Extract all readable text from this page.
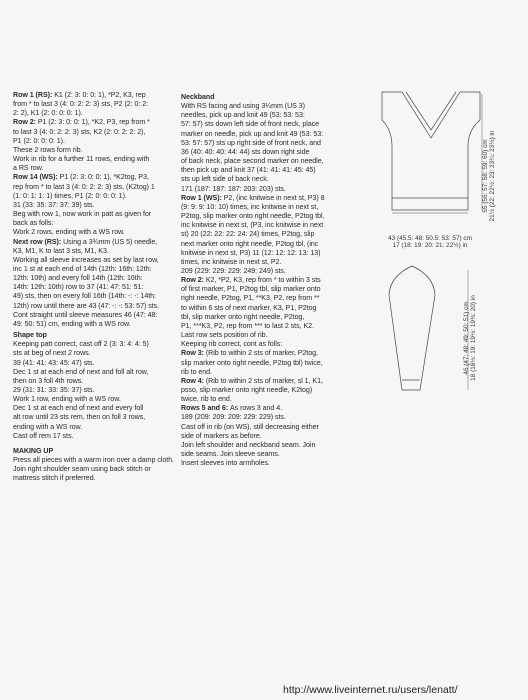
Row 1 (RS): K1 (2: 3: 0: 0: 1), *P2, K3, rep
from * to last 3 (4: 0: 2: 2: 3) sts, P2 (2: 0: 2:
2: 2), K1 (2: 0: 0: 0: 1).
Row 2: P1 (2: 3: 0: 0: 1), *K2, P3, rep from *
to last 3 (4: 0: 2: 2: 3) sts, K2 (2: 0: 2: 2: 2),
P1 (2: 0: 0: 0: 1).
These 2 rows form rib.
Work in rib for a further 11 rows, ending with
a RS row.
Row 14 (WS): P1 (2: 3: 0: 0: 1), *K2tog, P3,
rep from * to last 3 (4: 0: 2: 2: 3) sts, (K2tog) 1
(1: 0: 1: 1: 1) times, P1 (2: 0: 0: 0: 1).
31 (33: 35: 37: 37: 39) sts.
Beg with row 1, now work in patt as given for
back as folls:
Work 2 rows, ending with a WS row.
Next row (RS): Using a 3¾mm (US 5) needle,
K3, M1, K to last 3 sts, M1, K3.
Working all sleeve increases as set by last row,
inc 1 st at each end of 14th (12th: 16th: 12th:
12th: 10th) and every foll 14th (12th: 16th:
14th: 12th: 10th) row to 37 (41: 47: 51: 51:
49) sts, then on every foll 16th (14th: -: -: 14th:
12th) row until there are 43 (47: -: -: 53: 57) sts.
Cont straight until sleeve measures 46 (47: 48:
49: 50: 51) cm, ending with a WS row.
Shape top
Keeping patt correct, cast off 2 (3: 3: 4: 4: 5)
sts at beg of next 2 rows.
39 (41: 41: 43: 45: 47) sts.
Dec 1 st at each end of next and foll alt row,
then on 3 foll 4th rows.
29 (31: 31: 33: 35: 37) sts.
Work 1 row, ending with a WS row.
Dec 1 st at each end of next and every foll
alt row until 23 sts rem, then on foll 3 rows,
ending with a WS row.
Cast off rem 17 sts.
MAKING UP
Press all pieces with a warm iron over a damp cloth.
Join right shoulder seam using back stitch or
mattress stitch if preferred.
Neckband
With RS facing and using 3¼mm (US 3)
needles, pick up and knit 49 (53: 53: 53:
57: 57) sts down left side of front neck, place
marker on needle, pick up and knit 49 (53: 53:
53: 57: 57) sts up right side of front neck, and
36 (40: 40: 40: 44: 44) sts down right side
of back neck, place second marker on needle,
then pick up and knit 37 (41: 41: 41: 45: 45)
sts up left side of back neck.
171 (187: 187: 187: 203: 203) sts.
Row 1 (WS): P2, (inc knitwise in next st, P3) 8
(9: 9: 9: 10: 10) times, inc knitwise in next st,
P2tog, slip marker onto right needle, P2tog tbl,
inc knitwise in next st, (P3, inc knitwise in next
st) 20 (22: 22: 22: 24: 24) times, P2tog, slip
next marker onto right needle, P2tog tbl, (inc
knitwise in next st, P3) 11 (12: 12: 12: 13: 13)
times, inc knitwise in next st, P2.
209 (229: 229: 229: 249: 249) sts.
Row 2: K2, *P2, K3, rep from * to within 3 sts
of first marker, P1, P2tog tbl, slip marker onto
right needle, P2tog, P1, **K3, P2, rep from **
to within 6 sts of next marker, K3, P1, P2tog
tbl, slip marker onto right needle, P2tog,
P1, ***K3, P2, rep from *** to last 2 sts, K2.
Last row sets position of rib.
Keeping rib correct, cont as folls:
Row 3: (Rib to within 2 sts of marker, P2tog,
slip marker onto right needle, P2tog tbl) twice,
rib to end.
Row 4: (Rib to within 2 sts of marker, sl 1, K1,
psso, slip marker onto right needle, K2tog)
twice, rib to end.
Rows 5 and 6: As rows 3 and 4.
189 (209: 209: 209: 229: 229) sts.
Cast off in rib (on WS), still decreasing either
side of markers as before.
Join left shoulder and neckband seam. Join
side seams. Join sleeve seams.
Insert sleeves into armholes.
43 (45.5: 48: 50.5: 53: 57) cm
17 (18: 19: 20: 21: 22½) in
55 (56: 57: 58: 59: 60) cm 21½ (22: 22½: 23: 23¼: 23½) in
46 (47: 48: 49: 50: 51) cm 18 (18½: 19: 19½: 19¾: 20) in
http://www.liveinternet.ru/users/lenatt/
